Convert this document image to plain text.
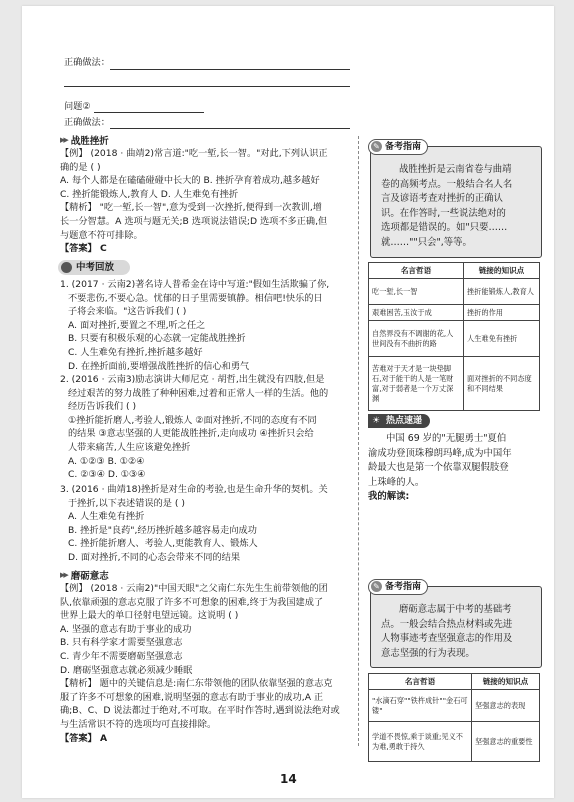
正确做法：
问题②
正确做法：
▶▶ 战胜挫折
【例】 (2018 · 曲靖2)常言道:"吃一堑,长一智。"对此,下列认识正
确的是 ( )
A. 每个人都是在磕磕碰碰中长大的 B. 挫折孕育着成功,越多越好
C. 挫折能锻炼人,教育人 D. 人生难免有挫折
【精析】 "吃一堑,长一智",意为受到一次挫折,便得到一次教训,增
长一分智慧。A 选项与题无关;B 选项说法错误;D 选项不多正确,但
与题意不符可排除。
【答案】 C
中考回放
1. (2017 · 云南2)著名诗人普希金在诗中写道:"假如生活欺骗了你,
不要悲伤,不要心急。忧郁的日子里需要镇静。相信吧!快乐的日
子将会来临。"这告诉我们 ( )
A. 面对挫折,要置之不理,听之任之
B. 只要有积极乐观的心态就一定能战胜挫折
C. 人生难免有挫折,挫折越多越好
D. 在挫折面前,要增强战胜挫折的信心和勇气
2. (2016 · 云南3)励志演讲大师尼克 · 胡哲,出生就没有四肢,但是
经过艰苦的努力战胜了种种困难,过着和正常人一样的生活。他的
经历告诉我们 ( )
①挫折能折磨人,考验人,锻炼人 ②面对挫折,不同的态度有不同
的结果 ③意志坚强的人更能战胜挫折,走向成功 ④挫折只会给
人带来痛苦,人生应该避免挫折
A. ①②③ B. ①②④
C. ②③④ D. ①③④
3. (2016 · 曲靖18)挫折是对生命的考验,也是生命升华的契机。关
于挫折,以下表述错误的是 ( )
A. 人生难免有挫折
B. 挫折是"良药",经历挫折越多越容易走向成功
C. 挫折能折磨人、考验人,更能教育人、锻炼人
D. 面对挫折,不同的心态会带来不同的结果
▶▶ 磨砺意志
【例】 (2018 · 云南2)"中国天眼"之父南仁东先生生前带领他的团
队,依靠顽强的意志克服了许多不可想象的困难,终于为我国建成了
世界上最大的单口径射电望远镜。这说明 ( )
A. 坚强的意志有助于事业的成功
B. 只有科学家才需要坚强意志
C. 青少年不需要磨砺坚强意志
D. 磨砺坚强意志就必须减少睡眠
【精析】 题中的关键信息是:南仁东带领他的团队依靠坚强的意志克
服了许多不可想象的困难,说明坚强的意志有助于事业的成功,A 正
确;B、C、D 说法都过于绝对,不可取。在平时作答时,遇到说法绝对或
与生活常识不符的选项均可直接排除。
【答案】 A
战胜挫折是云南省卷与曲靖
卷的高频考点。一般结合名人名
言及谚语考查对挫折的正确认
识。在作答时,一些说法绝对的
选项都是错误的。如"只要……
就……""只会",等等。
✎ 备考指南
名言哲语	链接的知识点
吃一堑,长一智	挫折能锻炼人,教育人
艰难困苦,玉汝于成	挫折的作用
自然界没有不调谢的花,人世间没有不曲折的路	人生难免有挫折
苦难对于天才是一块垫脚石,对于能干的人是一笔财富,对于弱者是一个万丈深渊	面对挫折的不同态度和不同结果
☀ 热点速递
中国 69 岁的"无腿勇士"夏伯
渝成功登顶珠穆朗玛峰,成为中国年
龄最大也是第一个依靠双腿假肢登
上珠峰的人。
我的解读:
磨砺意志属于中考的基础考
点。一般会结合热点材料或先进
人物事迹考查坚强意志的作用及
意志坚强的行为表现。
✎ 备考指南
名言哲语	链接的知识点
"水滴石穿""铁杵成针""金石可镂"	坚强意志的表现
学道不畏惊,乘于谈重;见义不为难,勇敢于持久	坚强意志的重要性
14
